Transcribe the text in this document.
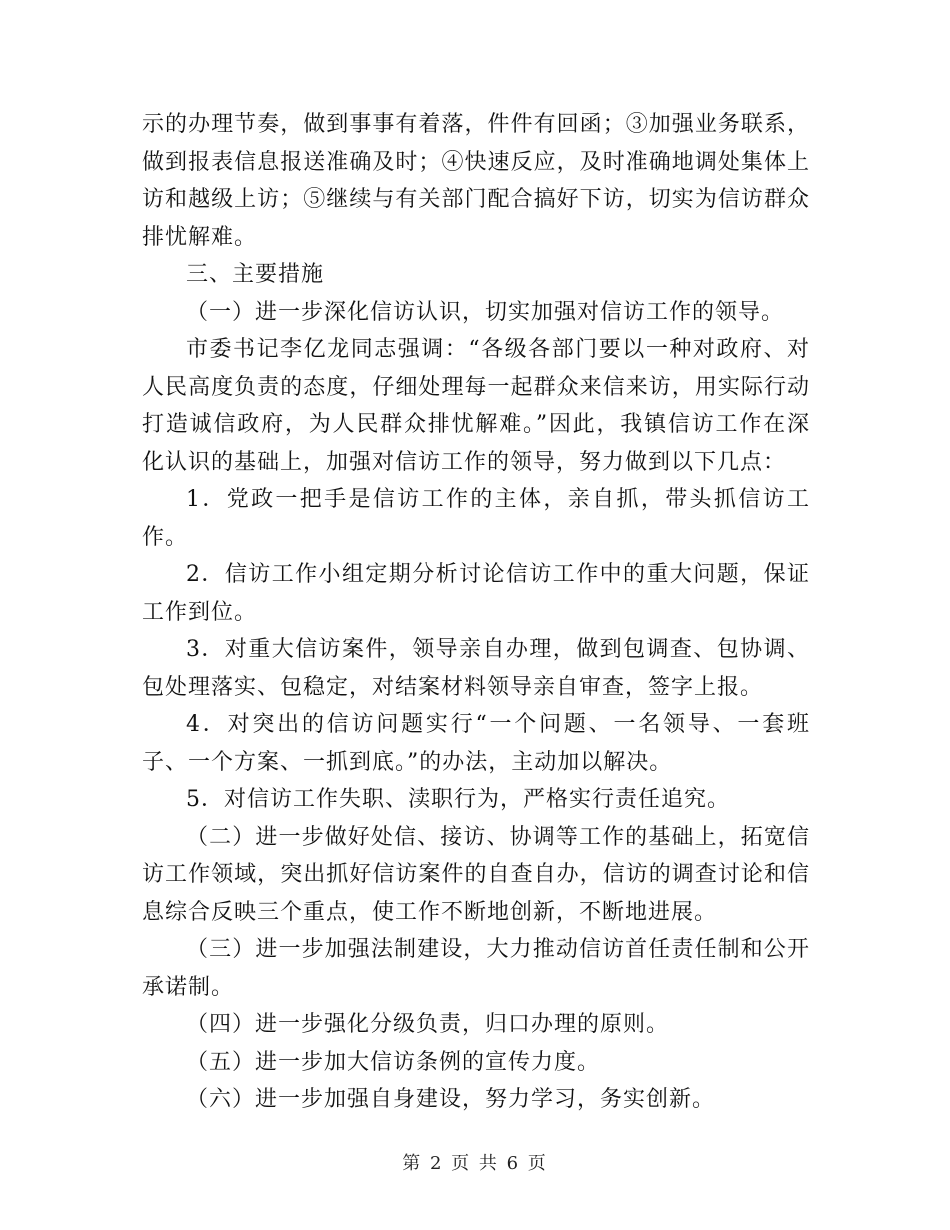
示的办理节奏，做到事事有着落，件件有回函；③加强业务联系，做到报表信息报送准确及时；④快速反应，及时准确地调处集体上访和越级上访；⑤继续与有关部门配合搞好下访，切实为信访群众排忧解难。

三、主要措施

（一）进一步深化信访认识，切实加强对信访工作的领导。

市委书记李亿龙同志强调：“各级各部门要以一种对政府、对人民高度负责的态度，仔细处理每一起群众来信来访，用实际行动打造诚信政府，为人民群众排忧解难。”因此，我镇信访工作在深化认识的基础上，加强对信访工作的领导，努力做到以下几点：

1．党政一把手是信访工作的主体，亲自抓，带头抓信访工作。

2．信访工作小组定期分析讨论信访工作中的重大问题，保证工作到位。

3．对重大信访案件，领导亲自办理，做到包调查、包协调、包处理落实、包稳定，对结案材料领导亲自审查，签字上报。

4．对突出的信访问题实行“一个问题、一名领导、一套班子、一个方案、一抓到底。”的办法，主动加以解决。

5．对信访工作失职、渎职行为，严格实行责任追究。

（二）进一步做好处信、接访、协调等工作的基础上，拓宽信访工作领域，突出抓好信访案件的自查自办，信访的调查讨论和信息综合反映三个重点，使工作不断地创新，不断地进展。

（三）进一步加强法制建设，大力推动信访首任责任制和公开承诺制。

（四）进一步强化分级负责，归口办理的原则。

（五）进一步加大信访条例的宣传力度。

（六）进一步加强自身建设，努力学习，务实创新。

第 2 页 共 6 页
